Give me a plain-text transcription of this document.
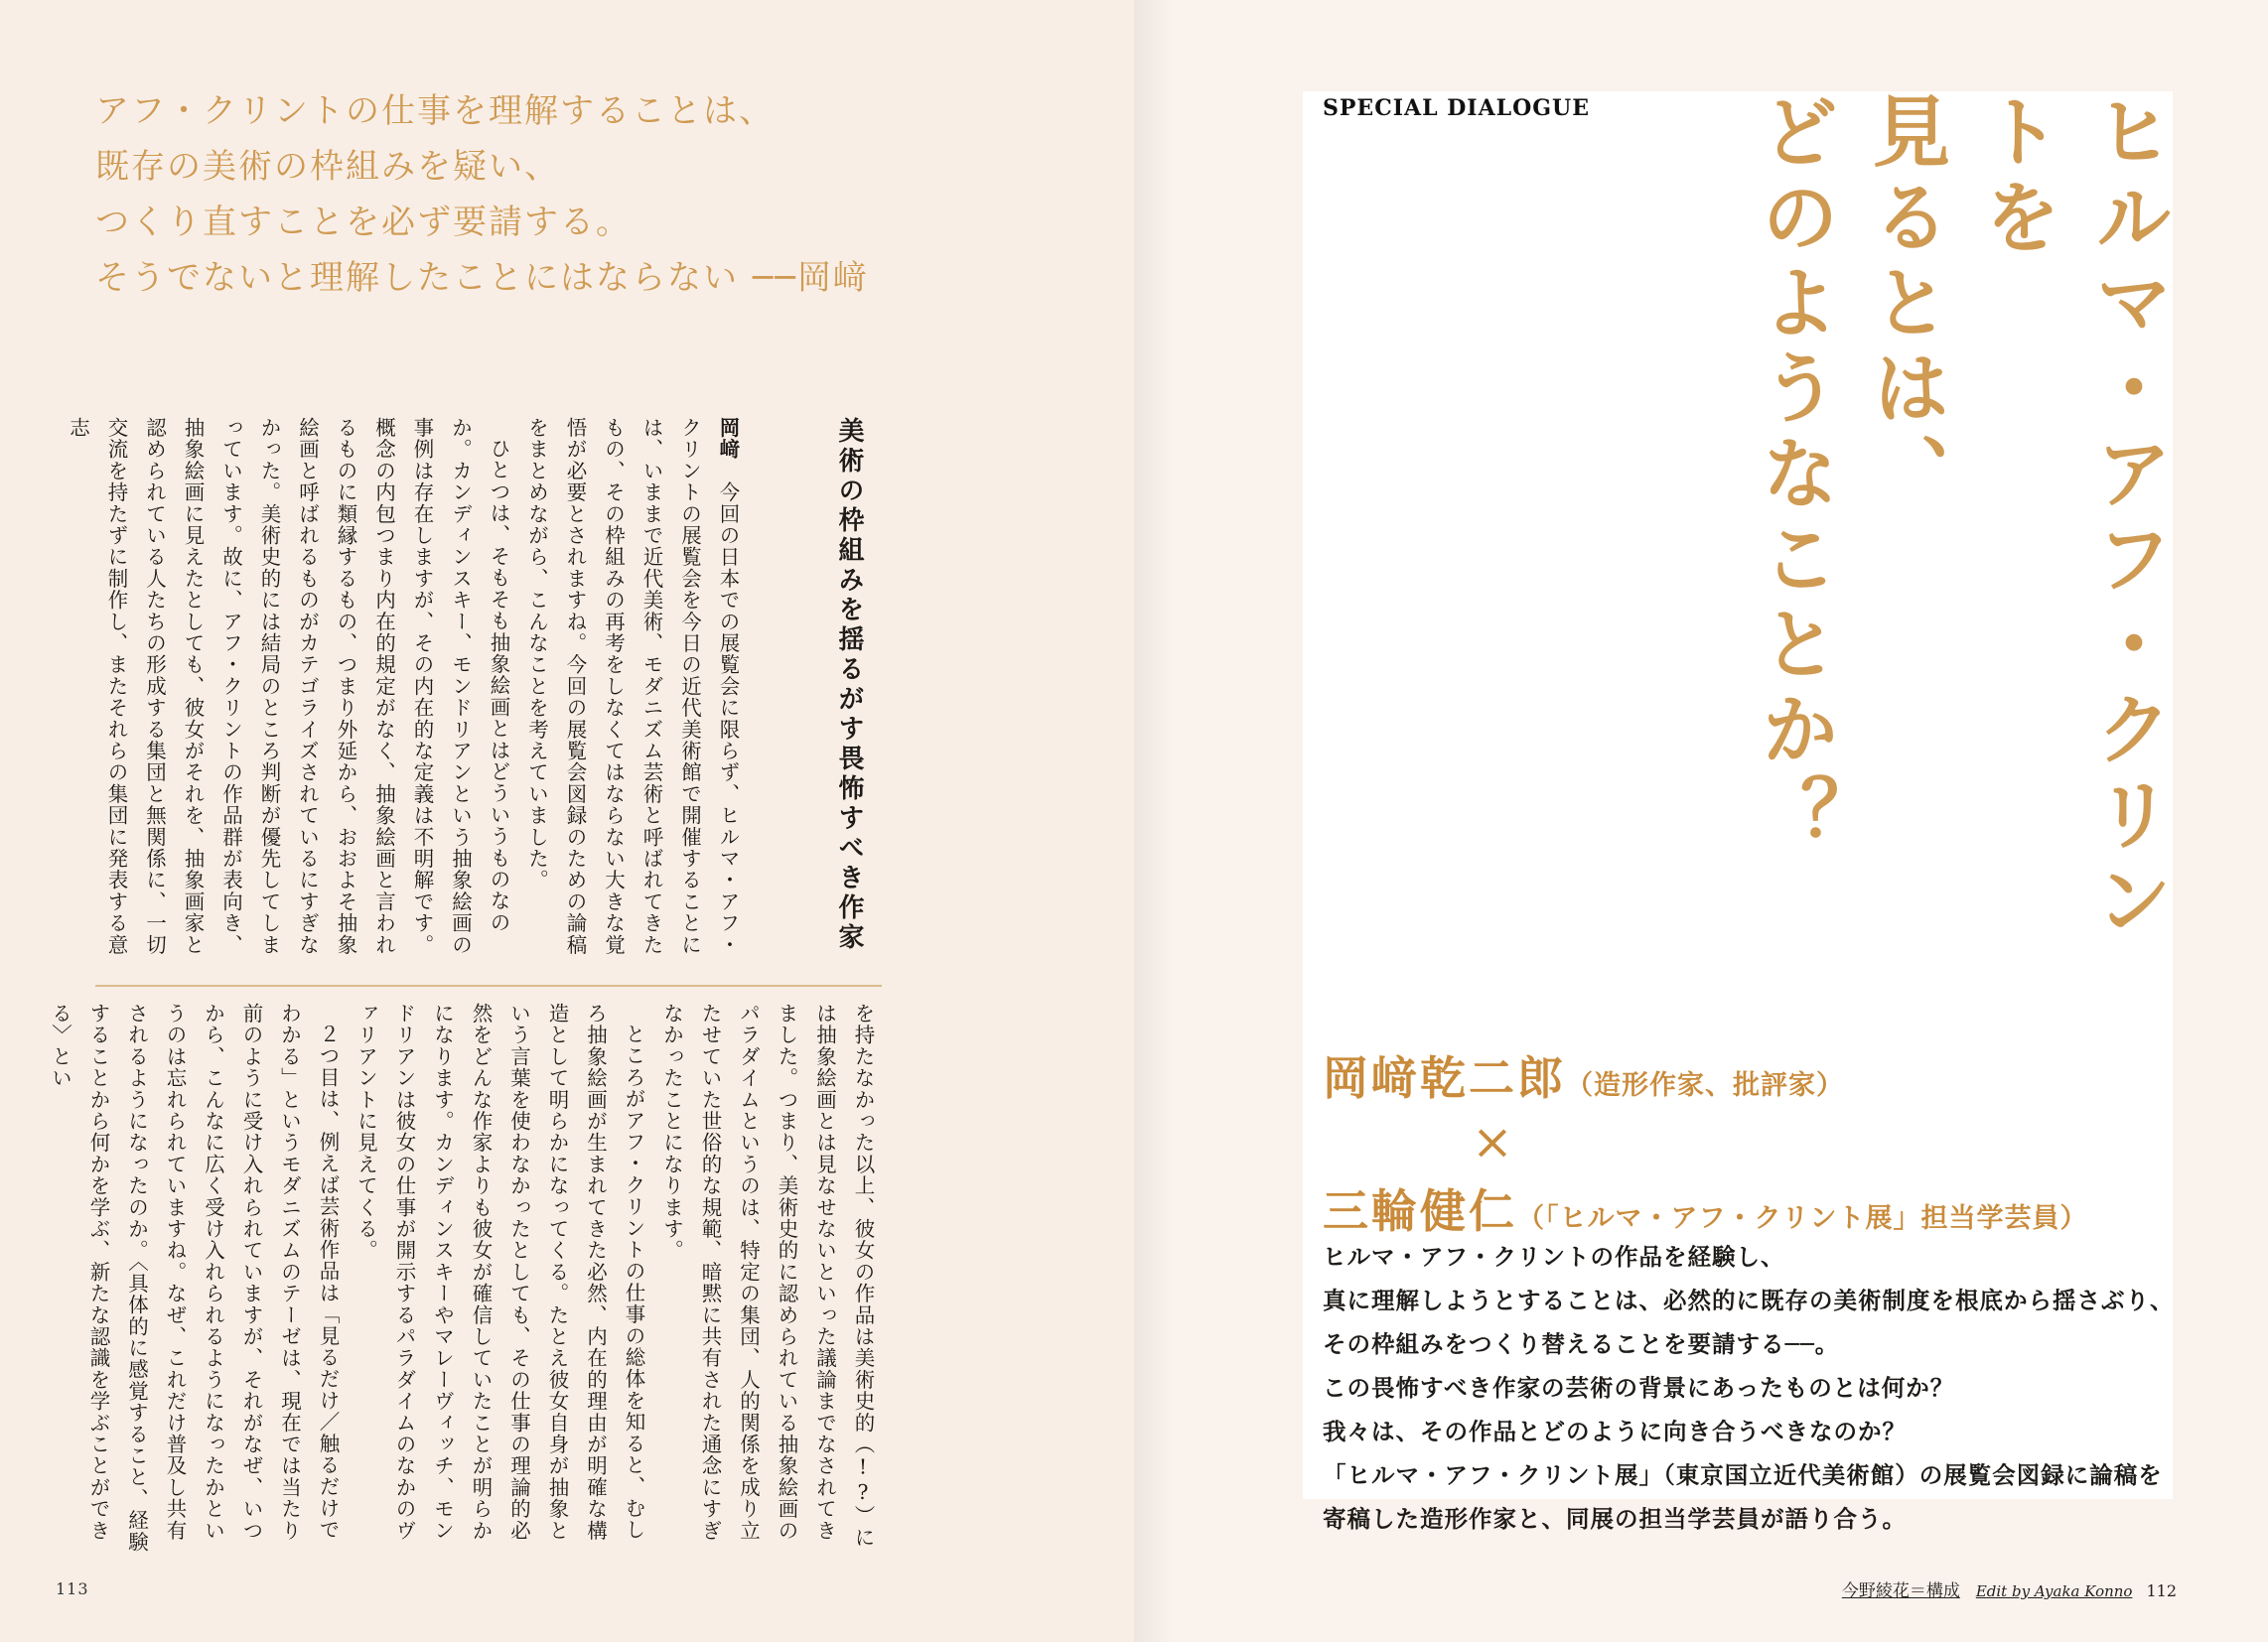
アフ・クリントの仕事を理解することは、
既存の美術の枠組みを疑い、
つくり直すことを必ず要請する。
そうでないと理解したことにはならない ──岡﨑
美術の枠組みを揺るがす畏怖すべき作家

岡﨑　今回の日本での展覧会に限らず、ヒルマ・アフ・クリントの展覧会を今日の近代美術館で開催することには、いままで近代美術、モダニズム芸術と呼ばれてきたもの、その枠組みの再考をしなくてはならない大きな覚悟が必要とされますね。今回の展覧会図録のための論稿をまとめながら、こんなことを考えていました。

ひとつは、そもそも抽象絵画とはどういうものなのか。カンディンスキー、モンドリアンという抽象絵画の事例は存在しますが、その内在的な定義は不明解です。概念の内包つまり内在的規定がなく、抽象絵画と言われるものに類縁するもの、つまり外延から、おおよそ抽象絵画と呼ばれるものがカテゴライズされているにすぎなかった。美術史的には結局のところ判断が優先してしまっています。故に、アフ・クリントの作品群が表向き、抽象絵画に見えたとしても、彼女がそれを、抽象画家と認められている人たちの形成する集団と無関係に、一切交流を持たずに制作し、またそれらの集団に発表する意志

を持たなかった以上、彼女の作品は美術史的（!?）には抽象絵画とは見なせないといった議論までなされてきました。つまり、美術史的に認められている抽象絵画のパラダイムというのは、特定の集団、人的関係を成り立たせていた世俗的な規範、暗黙に共有された通念にすぎなかったことになります。

ところがアフ・クリントの仕事の総体を知ると、むしろ抽象絵画が生まれてきた必然、内在的理由が明確な構造として明らかになってくる。たとえ彼女自身が抽象という言葉を使わなかったとしても、その仕事の理論的必然をどんな作家よりも彼女が確信していたことが明らかになります。カンディンスキーやマレーヴィッチ、モンドリアンは彼女の仕事が開示するパラダイムのなかのヴァリアントに見えてくる。

２つ目は、例えば芸術作品は「見るだけ／触るだけでわかる」というモダニズムのテーゼは、現在では当たり前のように受け入れられていますが、それがなぜ、いつから、こんなに広く受け入れられるようになったかというのは忘れられていますね。なぜ、これだけ普及し共有されるようになったのか。〈具体的に感覚すること、経験することから何かを学ぶ、新たな認識を学ぶことができる〉とい

113
SPECIAL DIALOGUE	ヒルマ・アフ・クリントを
見るとは、
どのようなことか？
岡﨑乾二郎（造形作家、批評家）
×
三輪健仁（「ヒルマ・アフ・クリント展」担当学芸員）
ヒルマ・アフ・クリントの作品を経験し、
真に理解しようとすることは、必然的に既存の美術制度を根底から揺さぶり、
その枠組みをつくり替えることを要請する──。
この畏怖すべき作家の芸術の背景にあったものとは何か？
我々は、その作品とどのように向き合うべきなのか？
「ヒルマ・アフ・クリント展」（東京国立近代美術館）の展覧会図録に論稿を
寄稿した造形作家と、同展の担当学芸員が語り合う。
今野綾花＝構成 Edit by Ayaka Konno 112
